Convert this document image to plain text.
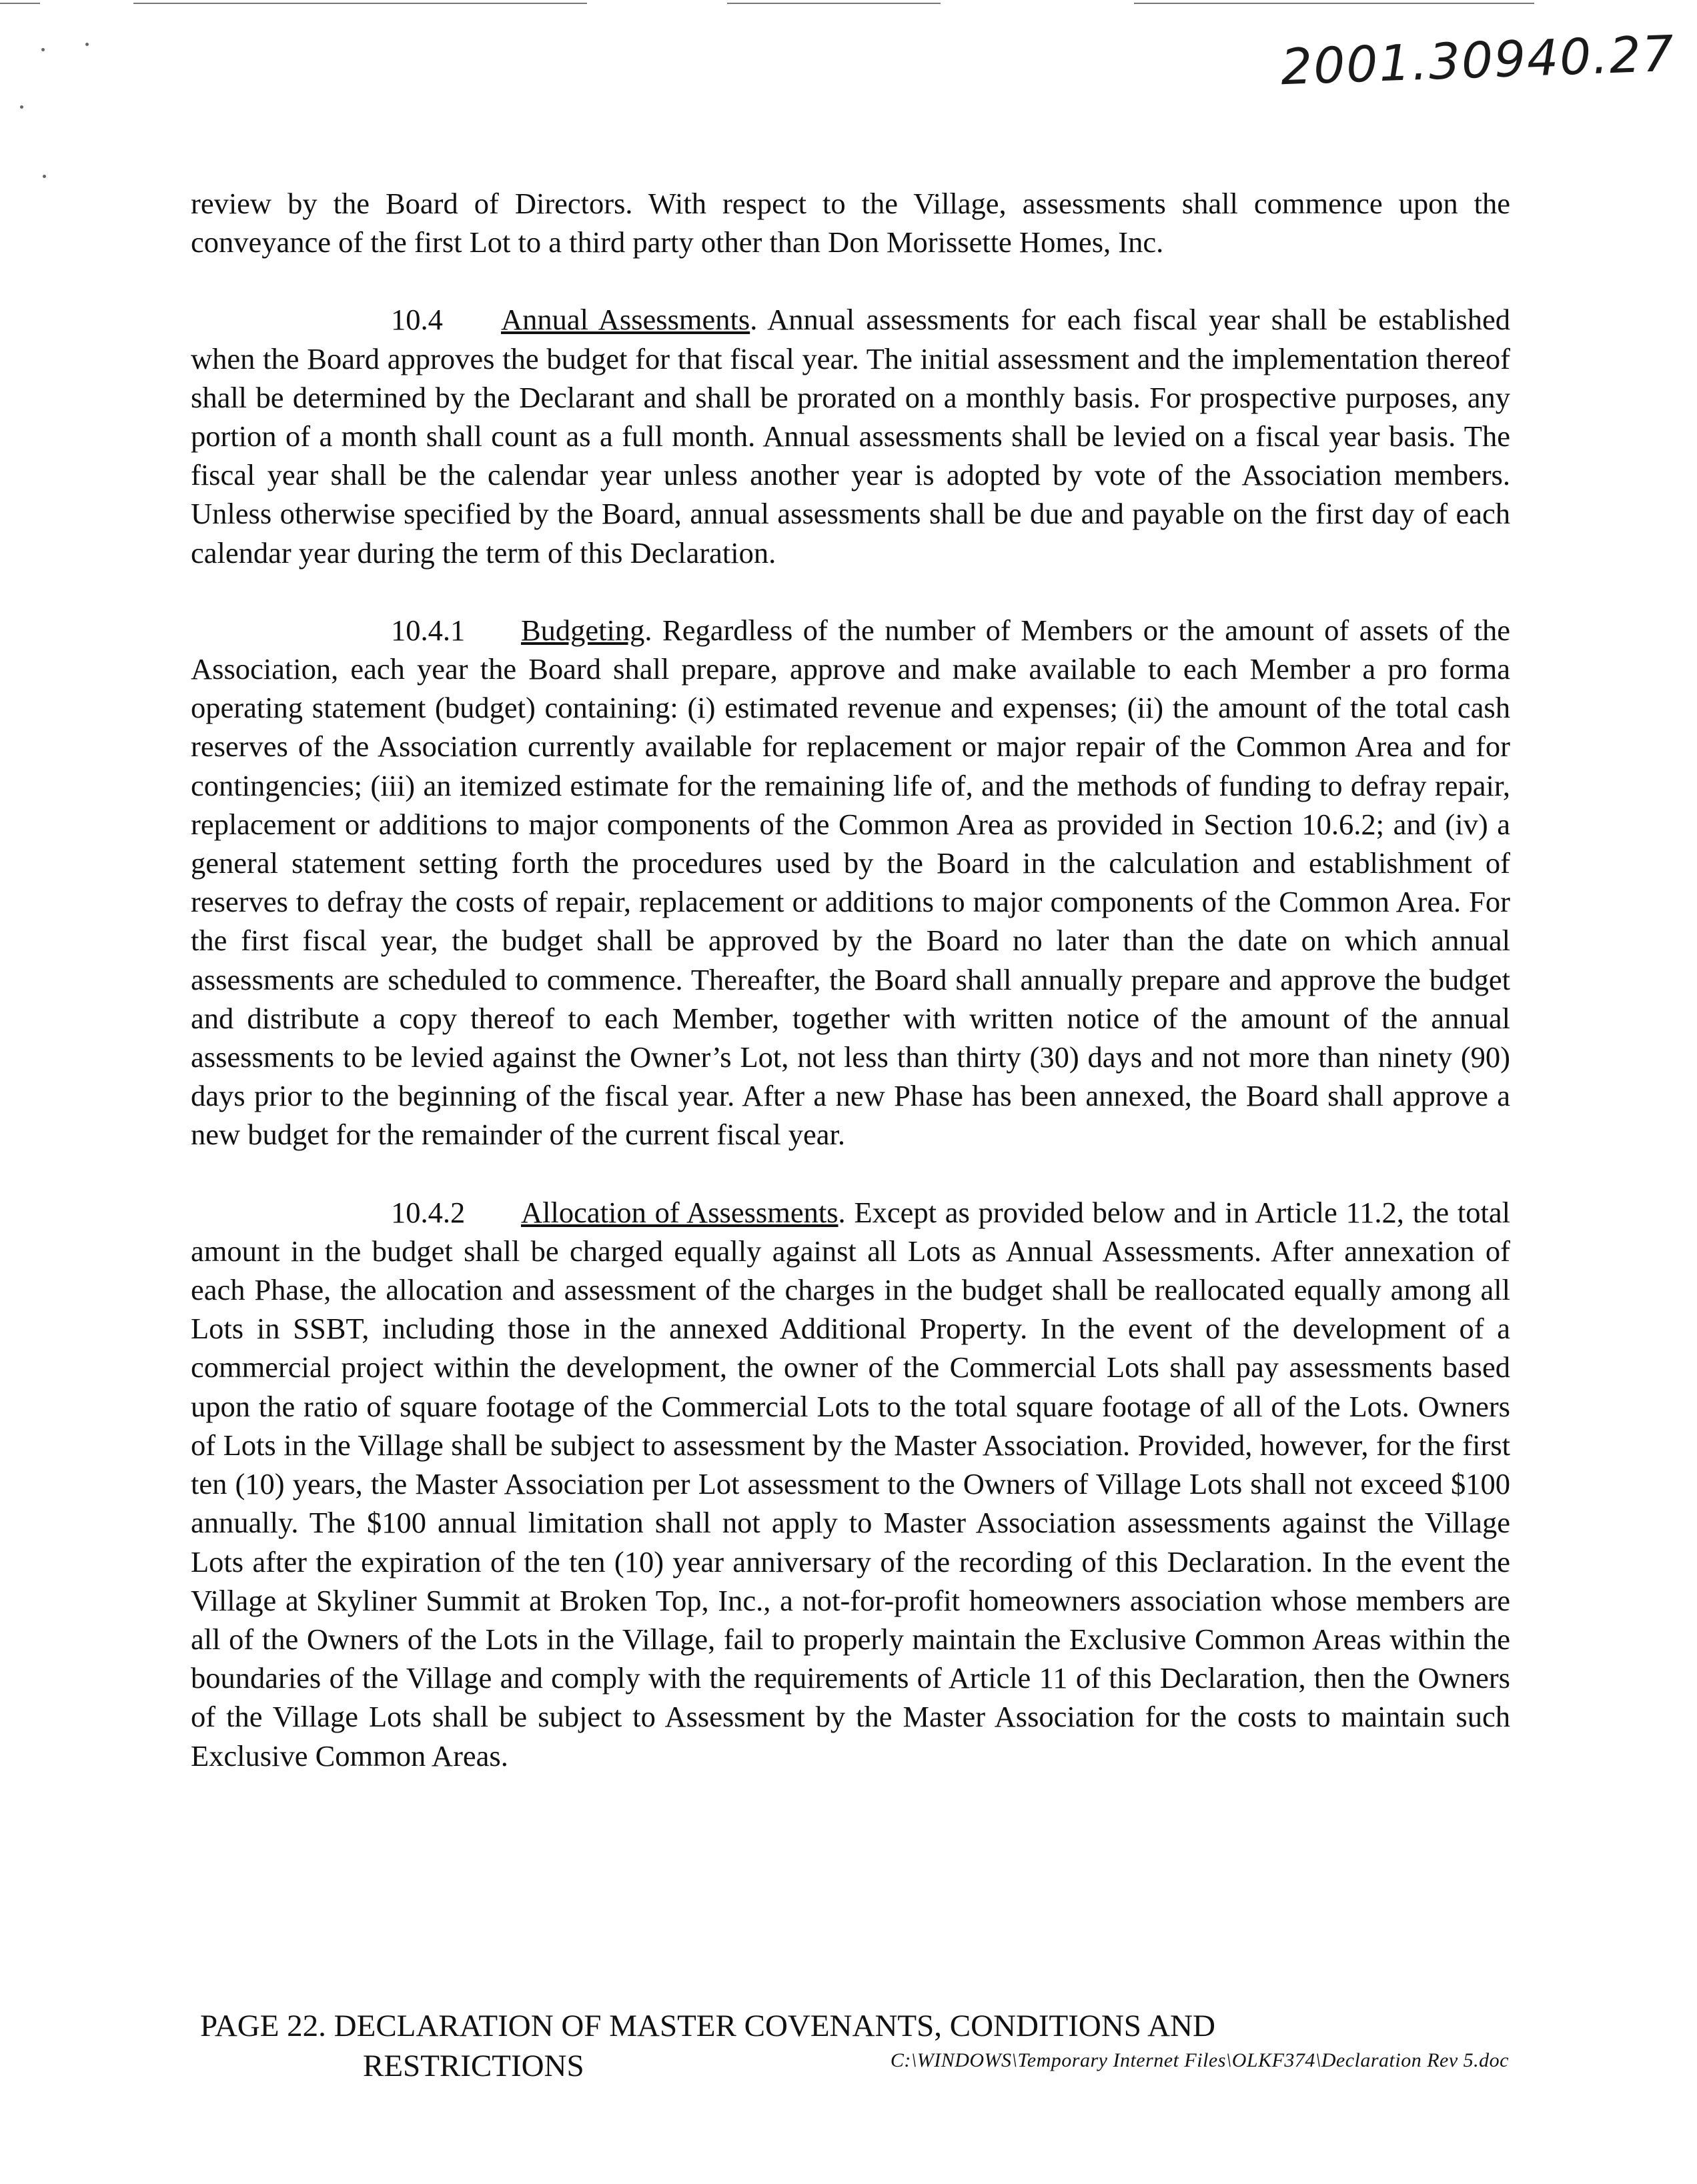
2001.30940.27

review by the Board of Directors. With respect to the Village, assessments shall commence upon the conveyance of the first Lot to a third party other than Don Morissette Homes, Inc.

10.4 Annual Assessments. Annual assessments for each fiscal year shall be established when the Board approves the budget for that fiscal year. The initial assessment and the implementation thereof shall be determined by the Declarant and shall be prorated on a monthly basis. For prospective purposes, any portion of a month shall count as a full month. Annual assessments shall be levied on a fiscal year basis. The fiscal year shall be the calendar year unless another year is adopted by vote of the Association members. Unless otherwise specified by the Board, annual assessments shall be due and payable on the first day of each calendar year during the term of this Declaration.

10.4.1 Budgeting. Regardless of the number of Members or the amount of assets of the Association, each year the Board shall prepare, approve and make available to each Member a pro forma operating statement (budget) containing: (i) estimated revenue and expenses; (ii) the amount of the total cash reserves of the Association currently available for replacement or major repair of the Common Area and for contingencies; (iii) an itemized estimate for the remaining life of, and the methods of funding to defray repair, replacement or additions to major components of the Common Area as provided in Section 10.6.2; and (iv) a general statement setting forth the procedures used by the Board in the calculation and establishment of reserves to defray the costs of repair, replacement or additions to major components of the Common Area. For the first fiscal year, the budget shall be approved by the Board no later than the date on which annual assessments are scheduled to commence. Thereafter, the Board shall annually prepare and approve the budget and distribute a copy thereof to each Member, together with written notice of the amount of the annual assessments to be levied against the Owner’s Lot, not less than thirty (30) days and not more than ninety (90) days prior to the beginning of the fiscal year. After a new Phase has been annexed, the Board shall approve a new budget for the remainder of the current fiscal year.

10.4.2 Allocation of Assessments. Except as provided below and in Article 11.2, the total amount in the budget shall be charged equally against all Lots as Annual Assessments. After annexation of each Phase, the allocation and assessment of the charges in the budget shall be reallocated equally among all Lots in SSBT, including those in the annexed Additional Property. In the event of the development of a commercial project within the development, the owner of the Commercial Lots shall pay assessments based upon the ratio of square footage of the Commercial Lots to the total square footage of all of the Lots. Owners of Lots in the Village shall be subject to assessment by the Master Association. Provided, however, for the first ten (10) years, the Master Association per Lot assessment to the Owners of Village Lots shall not exceed $100 annually. The $100 annual limitation shall not apply to Master Association assessments against the Village Lots after the expiration of the ten (10) year anniversary of the recording of this Declaration. In the event the Village at Skyliner Summit at Broken Top, Inc., a not-for-profit homeowners association whose members are all of the Owners of the Lots in the Village, fail to properly maintain the Exclusive Common Areas within the boundaries of the Village and comply with the requirements of Article 11 of this Declaration, then the Owners of the Village Lots shall be subject to Assessment by the Master Association for the costs to maintain such Exclusive Common Areas.

PAGE 22. DECLARATION OF MASTER COVENANTS, CONDITIONS AND
RESTRICTIONS	C:\WINDOWS\Temporary Internet Files\OLKF374\Declaration Rev 5.doc
